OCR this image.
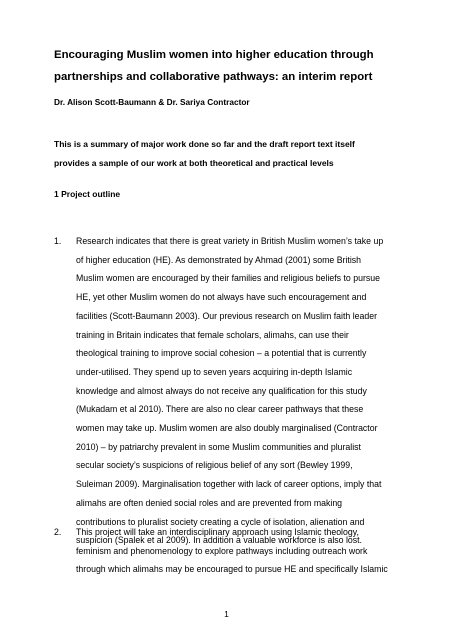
Encouraging Muslim women into higher education through
partnerships and collaborative pathways: an interim report

Dr. Alison Scott-Baumann & Dr. Sariya Contractor

This is a summary of major work done so far and the draft report text itself
provides a sample of our work at both theoretical and practical levels

1 Project outline

1.	Research indicates that there is great variety in British Muslim women’s take up
of higher education (HE). As demonstrated by Ahmad (2001) some British
Muslim women are encouraged by their families and religious beliefs to pursue
HE, yet other Muslim women do not always have such encouragement and
facilities (Scott-Baumann 2003). Our previous research on Muslim faith leader
training in Britain indicates that female scholars, alimahs, can use their
theological training to improve social cohesion – a potential that is currently
under-utilised. They spend up to seven years acquiring in-depth Islamic
knowledge and almost always do not receive any qualification for this study
(Mukadam et al 2010). There are also no clear career pathways that these
women may take up. Muslim women are also doubly marginalised (Contractor
2010) – by patriarchy prevalent in some Muslim communities and pluralist
secular society’s suspicions of religious belief of any sort (Bewley 1999,
Suleiman 2009). Marginalisation together with lack of career options, imply that
alimahs are often denied social roles and are prevented from making
contributions to pluralist society creating a cycle of isolation, alienation and
suspicion (Spalek et al 2009). In addition a valuable workforce is also lost.
2.	This project will take an interdisciplinary approach using Islamic theology,
feminism and phenomenology to explore pathways including outreach work
through which alimahs may be encouraged to pursue HE and specifically Islamic
1
